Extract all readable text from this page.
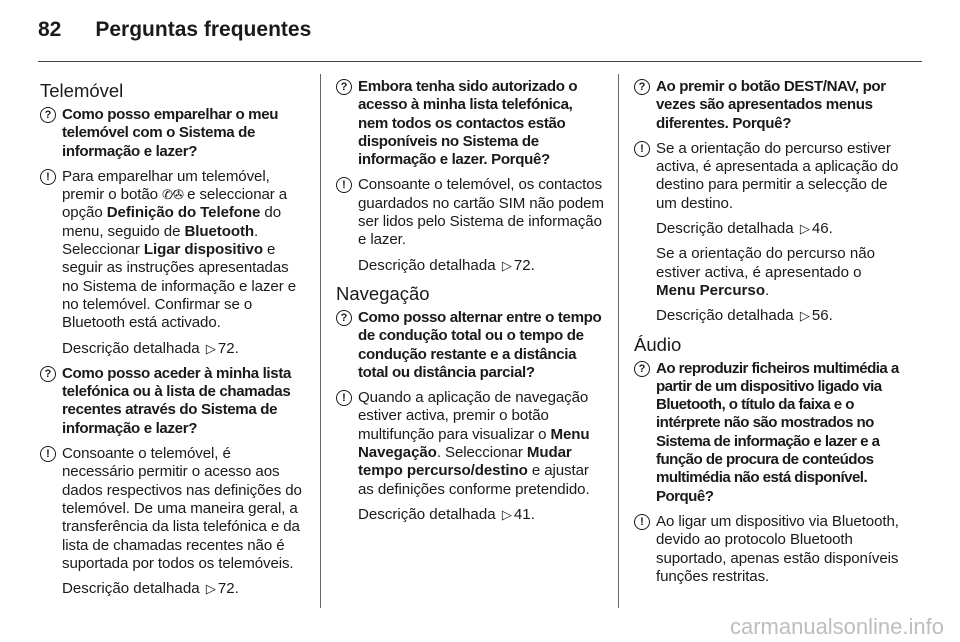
82 Perguntas frequentes
Telemóvel
? Como posso emparelhar o meu telemóvel com o Sistema de informação e lazer?
! Para emparelhar um telemóvel, premir o botão ✆⁄✇ e seleccionar a opção Definição do Telefone do menu, seguido de Bluetooth. Seleccionar Ligar dispositivo e seguir as instruções apresentadas no Sistema de informação e lazer e no telemóvel. Confirmar se o Bluetooth está activado.
Descrição detalhada ▷ 72.
? Como posso aceder à minha lista telefónica ou à lista de chamadas recentes através do Sistema de informação e lazer?
! Consoante o telemóvel, é necessário permitir o acesso aos dados respectivos nas definições do telemóvel. De uma maneira geral, a transferência da lista telefónica e da lista de chamadas recentes não é suportada por todos os telemóveis.
Descrição detalhada ▷ 72.
? Embora tenha sido autorizado o acesso à minha lista telefónica, nem todos os contactos estão disponíveis no Sistema de informação e lazer. Porquê?
! Consoante o telemóvel, os contactos guardados no cartão SIM não podem ser lidos pelo Sistema de informação e lazer.
Descrição detalhada ▷ 72.
Navegação
? Como posso alternar entre o tempo de condução total ou o tempo de condução restante e a distância total ou distância parcial?
! Quando a aplicação de navegação estiver activa, premir o botão multifunção para visualizar o Menu Navegação. Seleccionar Mudar tempo percurso/destino e ajustar as definições conforme pretendido.
Descrição detalhada ▷ 41.
? Ao premir o botão DEST/NAV, por vezes são apresentados menus diferentes. Porquê?
! Se a orientação do percurso estiver activa, é apresentada a aplicação do destino para permitir a selecção de um destino.
Descrição detalhada ▷ 46.
Se a orientação do percurso não estiver activa, é apresentado o Menu Percurso.
Descrição detalhada ▷ 56.
Áudio
? Ao reproduzir ficheiros multimédia a partir de um dispositivo ligado via Bluetooth, o título da faixa e o intérprete não são mostrados no Sistema de informação e lazer e a função de procura de conteúdos multimédia não está disponível. Porquê?
! Ao ligar um dispositivo via Bluetooth, devido ao protocolo Bluetooth suportado, apenas estão disponíveis funções restritas.
carmanualsonline.info
